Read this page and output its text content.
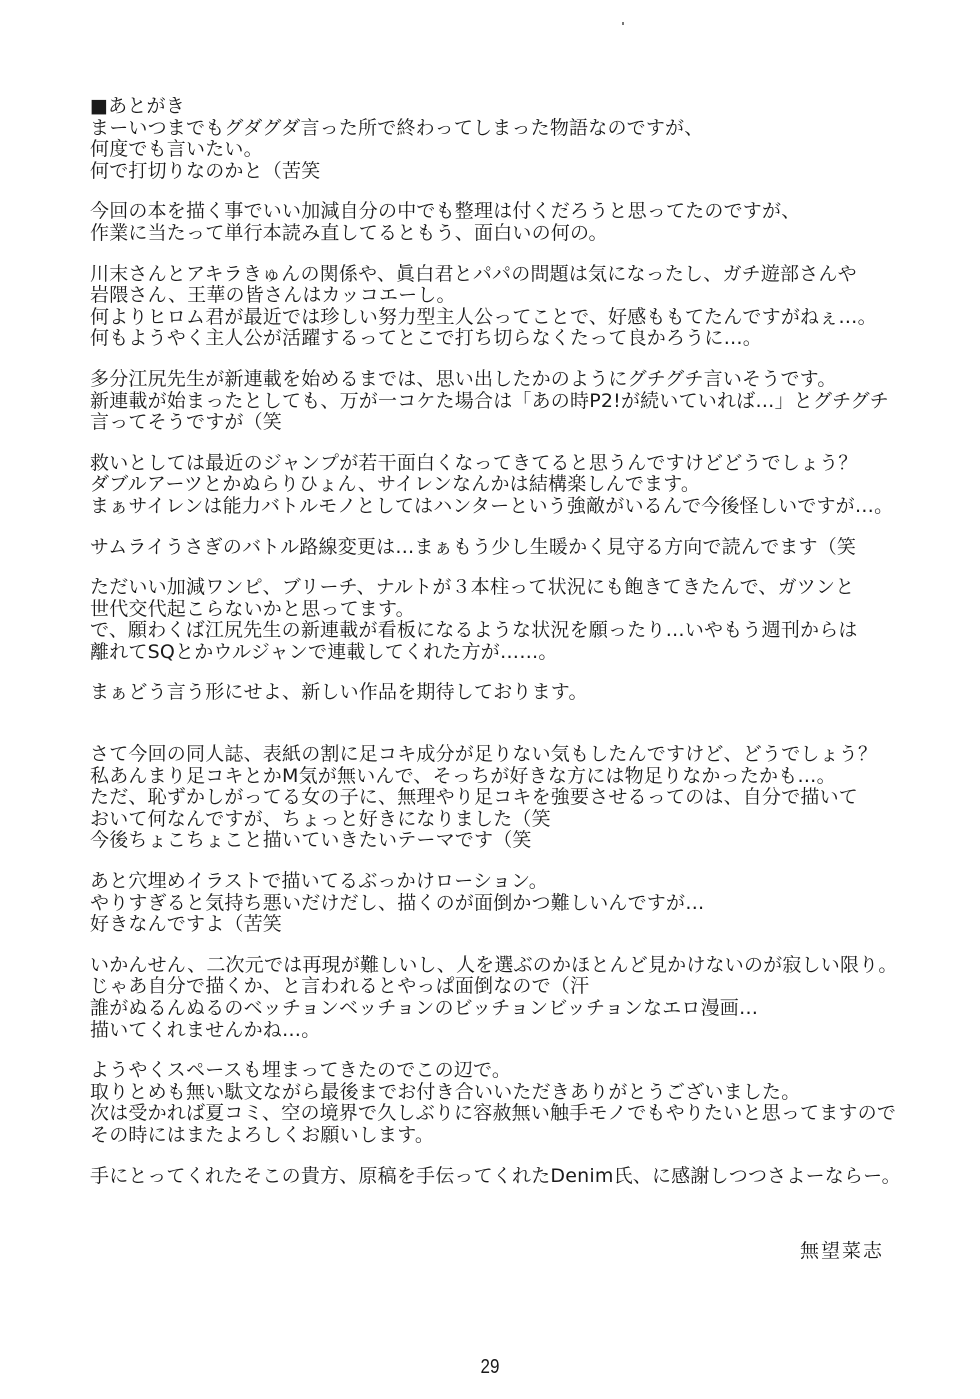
■あとがき
まーいつまでもグダグダ言った所で終わってしまった物語なのですが、
何度でも言いたい。
何で打切りなのかと（苦笑
今回の本を描く事でいい加減自分の中でも整理は付くだろうと思ってたのですが、
作業に当たって単行本読み直してるともう、面白いの何の。
川末さんとアキラきゅんの関係や、眞白君とパパの問題は気になったし、ガチ遊部さんや
岩隈さん、王華の皆さんはカッコエーし。
何よりヒロム君が最近では珍しい努力型主人公ってことで、好感ももてたんですがねぇ…。
何もようやく主人公が活躍するってとこで打ち切らなくたって良かろうに…。
多分江尻先生が新連載を始めるまでは、思い出したかのようにグチグチ言いそうです。
新連載が始まったとしても、万が一コケた場合は「あの時P2!が続いていれば…」とグチグチ
言ってそうですが（笑
救いとしては最近のジャンプが若干面白くなってきてると思うんですけどどうでしょう？
ダブルアーツとかぬらりひょん、サイレンなんかは結構楽しんでます。
まぁサイレンは能力バトルモノとしてはハンターという強敵がいるんで今後怪しいですが…。
サムライうさぎのバトル路線変更は…まぁもう少し生暖かく見守る方向で読んでます（笑
ただいい加減ワンピ、ブリーチ、ナルトが３本柱って状況にも飽きてきたんで、ガツンと
世代交代起こらないかと思ってます。
で、願わくば江尻先生の新連載が看板になるような状況を願ったり…いやもう週刊からは
離れてSQとかウルジャンで連載してくれた方が……。
まぁどう言う形にせよ、新しい作品を期待しております。
さて今回の同人誌、表紙の割に足コキ成分が足りない気もしたんですけど、どうでしょう？
私あんまり足コキとかM気が無いんで、そっちが好きな方には物足りなかったかも…。
ただ、恥ずかしがってる女の子に、無理やり足コキを強要させるってのは、自分で描いて
おいて何なんですが、ちょっと好きになりました（笑
今後ちょこちょこと描いていきたいテーマです（笑
あと穴埋めイラストで描いてるぶっかけローション。
やりすぎると気持ち悪いだけだし、描くのが面倒かつ難しいんですが…
好きなんですよ（苦笑
いかんせん、二次元では再現が難しいし、人を選ぶのかほとんど見かけないのが寂しい限り。
じゃあ自分で描くか、と言われるとやっぱ面倒なので（汗
誰がぬるんぬるのベッチョンベッチョンのビッチョンビッチョンなエロ漫画…
描いてくれませんかね…。
ようやくスペースも埋まってきたのでこの辺で。
取りとめも無い駄文ながら最後までお付き合いいただきありがとうございました。
次は受かれば夏コミ、空の境界で久しぶりに容赦無い触手モノでもやりたいと思ってますので
その時にはまたよろしくお願いします。
手にとってくれたそこの貴方、原稿を手伝ってくれたDenim氏、に感謝しつつさよーならー。
無望菜志
29
